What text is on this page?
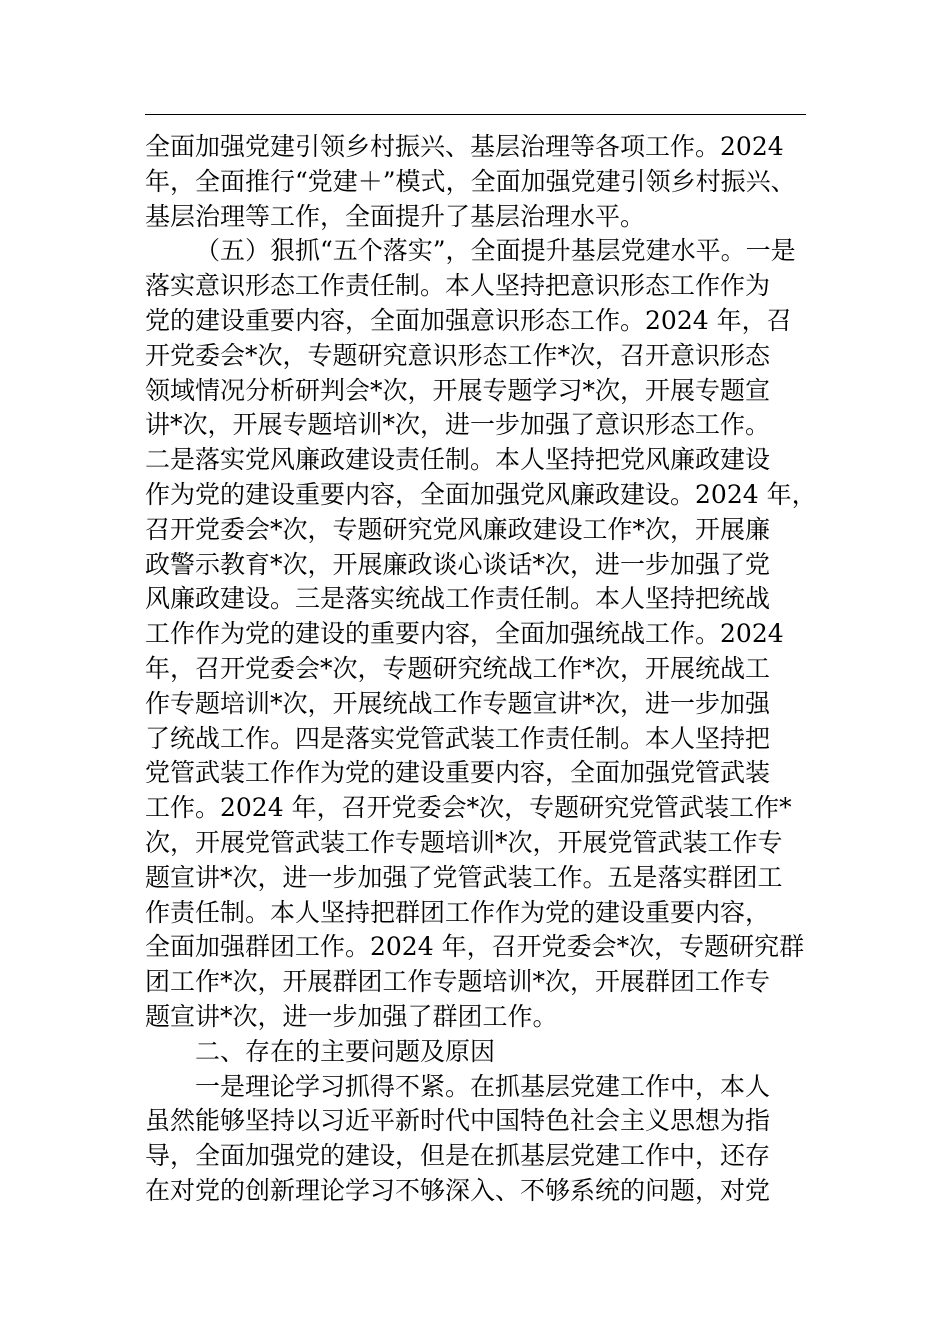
全面加强党建引领乡村振兴、基层治理等各项工作。2024
年，全面推行“党建＋”模式，全面加强党建引领乡村振兴、
基层治理等工作，全面提升了基层治理水平。
（五）狠抓“五个落实”，全面提升基层党建水平。一是
落实意识形态工作责任制。本人坚持把意识形态工作作为
党的建设重要内容，全面加强意识形态工作。2024 年，召
开党委会*次，专题研究意识形态工作*次，召开意识形态
领域情况分析研判会*次，开展专题学习*次，开展专题宣
讲*次，开展专题培训*次，进一步加强了意识形态工作。
二是落实党风廉政建设责任制。本人坚持把党风廉政建设
作为党的建设重要内容，全面加强党风廉政建设。2024 年，
召开党委会*次，专题研究党风廉政建设工作*次，开展廉
政警示教育*次，开展廉政谈心谈话*次，进一步加强了党
风廉政建设。三是落实统战工作责任制。本人坚持把统战
工作作为党的建设的重要内容，全面加强统战工作。2024
年，召开党委会*次，专题研究统战工作*次，开展统战工
作专题培训*次，开展统战工作专题宣讲*次，进一步加强
了统战工作。四是落实党管武装工作责任制。本人坚持把
党管武装工作作为党的建设重要内容，全面加强党管武装
工作。2024 年，召开党委会*次，专题研究党管武装工作*
次，开展党管武装工作专题培训*次，开展党管武装工作专
题宣讲*次，进一步加强了党管武装工作。五是落实群团工
作责任制。本人坚持把群团工作作为党的建设重要内容，
全面加强群团工作。2024 年，召开党委会*次，专题研究群
团工作*次，开展群团工作专题培训*次，开展群团工作专
题宣讲*次，进一步加强了群团工作。
二、存在的主要问题及原因
一是理论学习抓得不紧。在抓基层党建工作中，本人
虽然能够坚持以习近平新时代中国特色社会主义思想为指
导，全面加强党的建设，但是在抓基层党建工作中，还存
在对党的创新理论学习不够深入、不够系统的问题，对党
